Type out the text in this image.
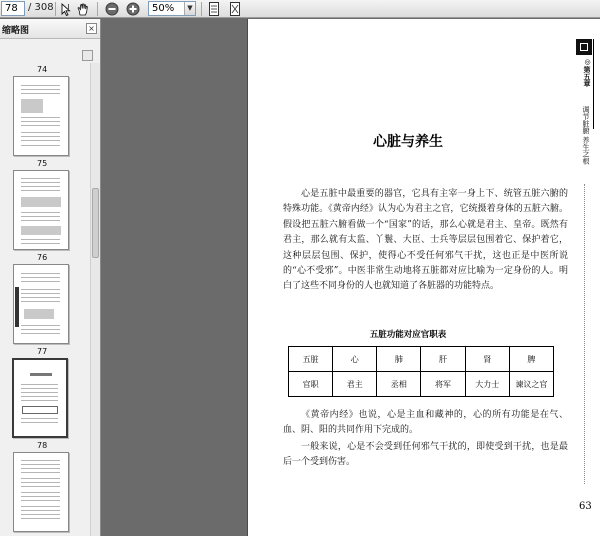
78	/ 308	50%	▼
缩略图	×
74
75
76
77
78
◎第五章
调节脏腑 养生之根
心脏与养生
心是五脏中最重要的器官，它具有主宰一身上下、统管五脏六腑的特殊功能。《黄帝内经》认为心为君主之官，它统摄着身体的五脏六腑。假设把五脏六腑看做一个“国家”的话，那么心就是君主、皇帝。既然有君主，那么就有太监、丫鬟、大臣、士兵等层层包围着它、保护着它，这种层层包围、保护，使得心不受任何邪气干扰，这也正是中医所说的“心不受邪”。中医非常生动地将五脏都对应比喻为一定身份的人。明白了这些不同身份的人也就知道了各脏器的功能特点。
五脏功能对应官职表
五脏	心	肺	肝	肾	脾
官职	君主	丞相	将军	大力士	谏议之官
《黄帝内经》也说，心是主血和藏神的，心的所有功能是在气、血、阴、阳的共同作用下完成的。
一般来说，心是不会受到任何邪气干扰的，即使受到干扰，也是最后一个受到伤害。
63
